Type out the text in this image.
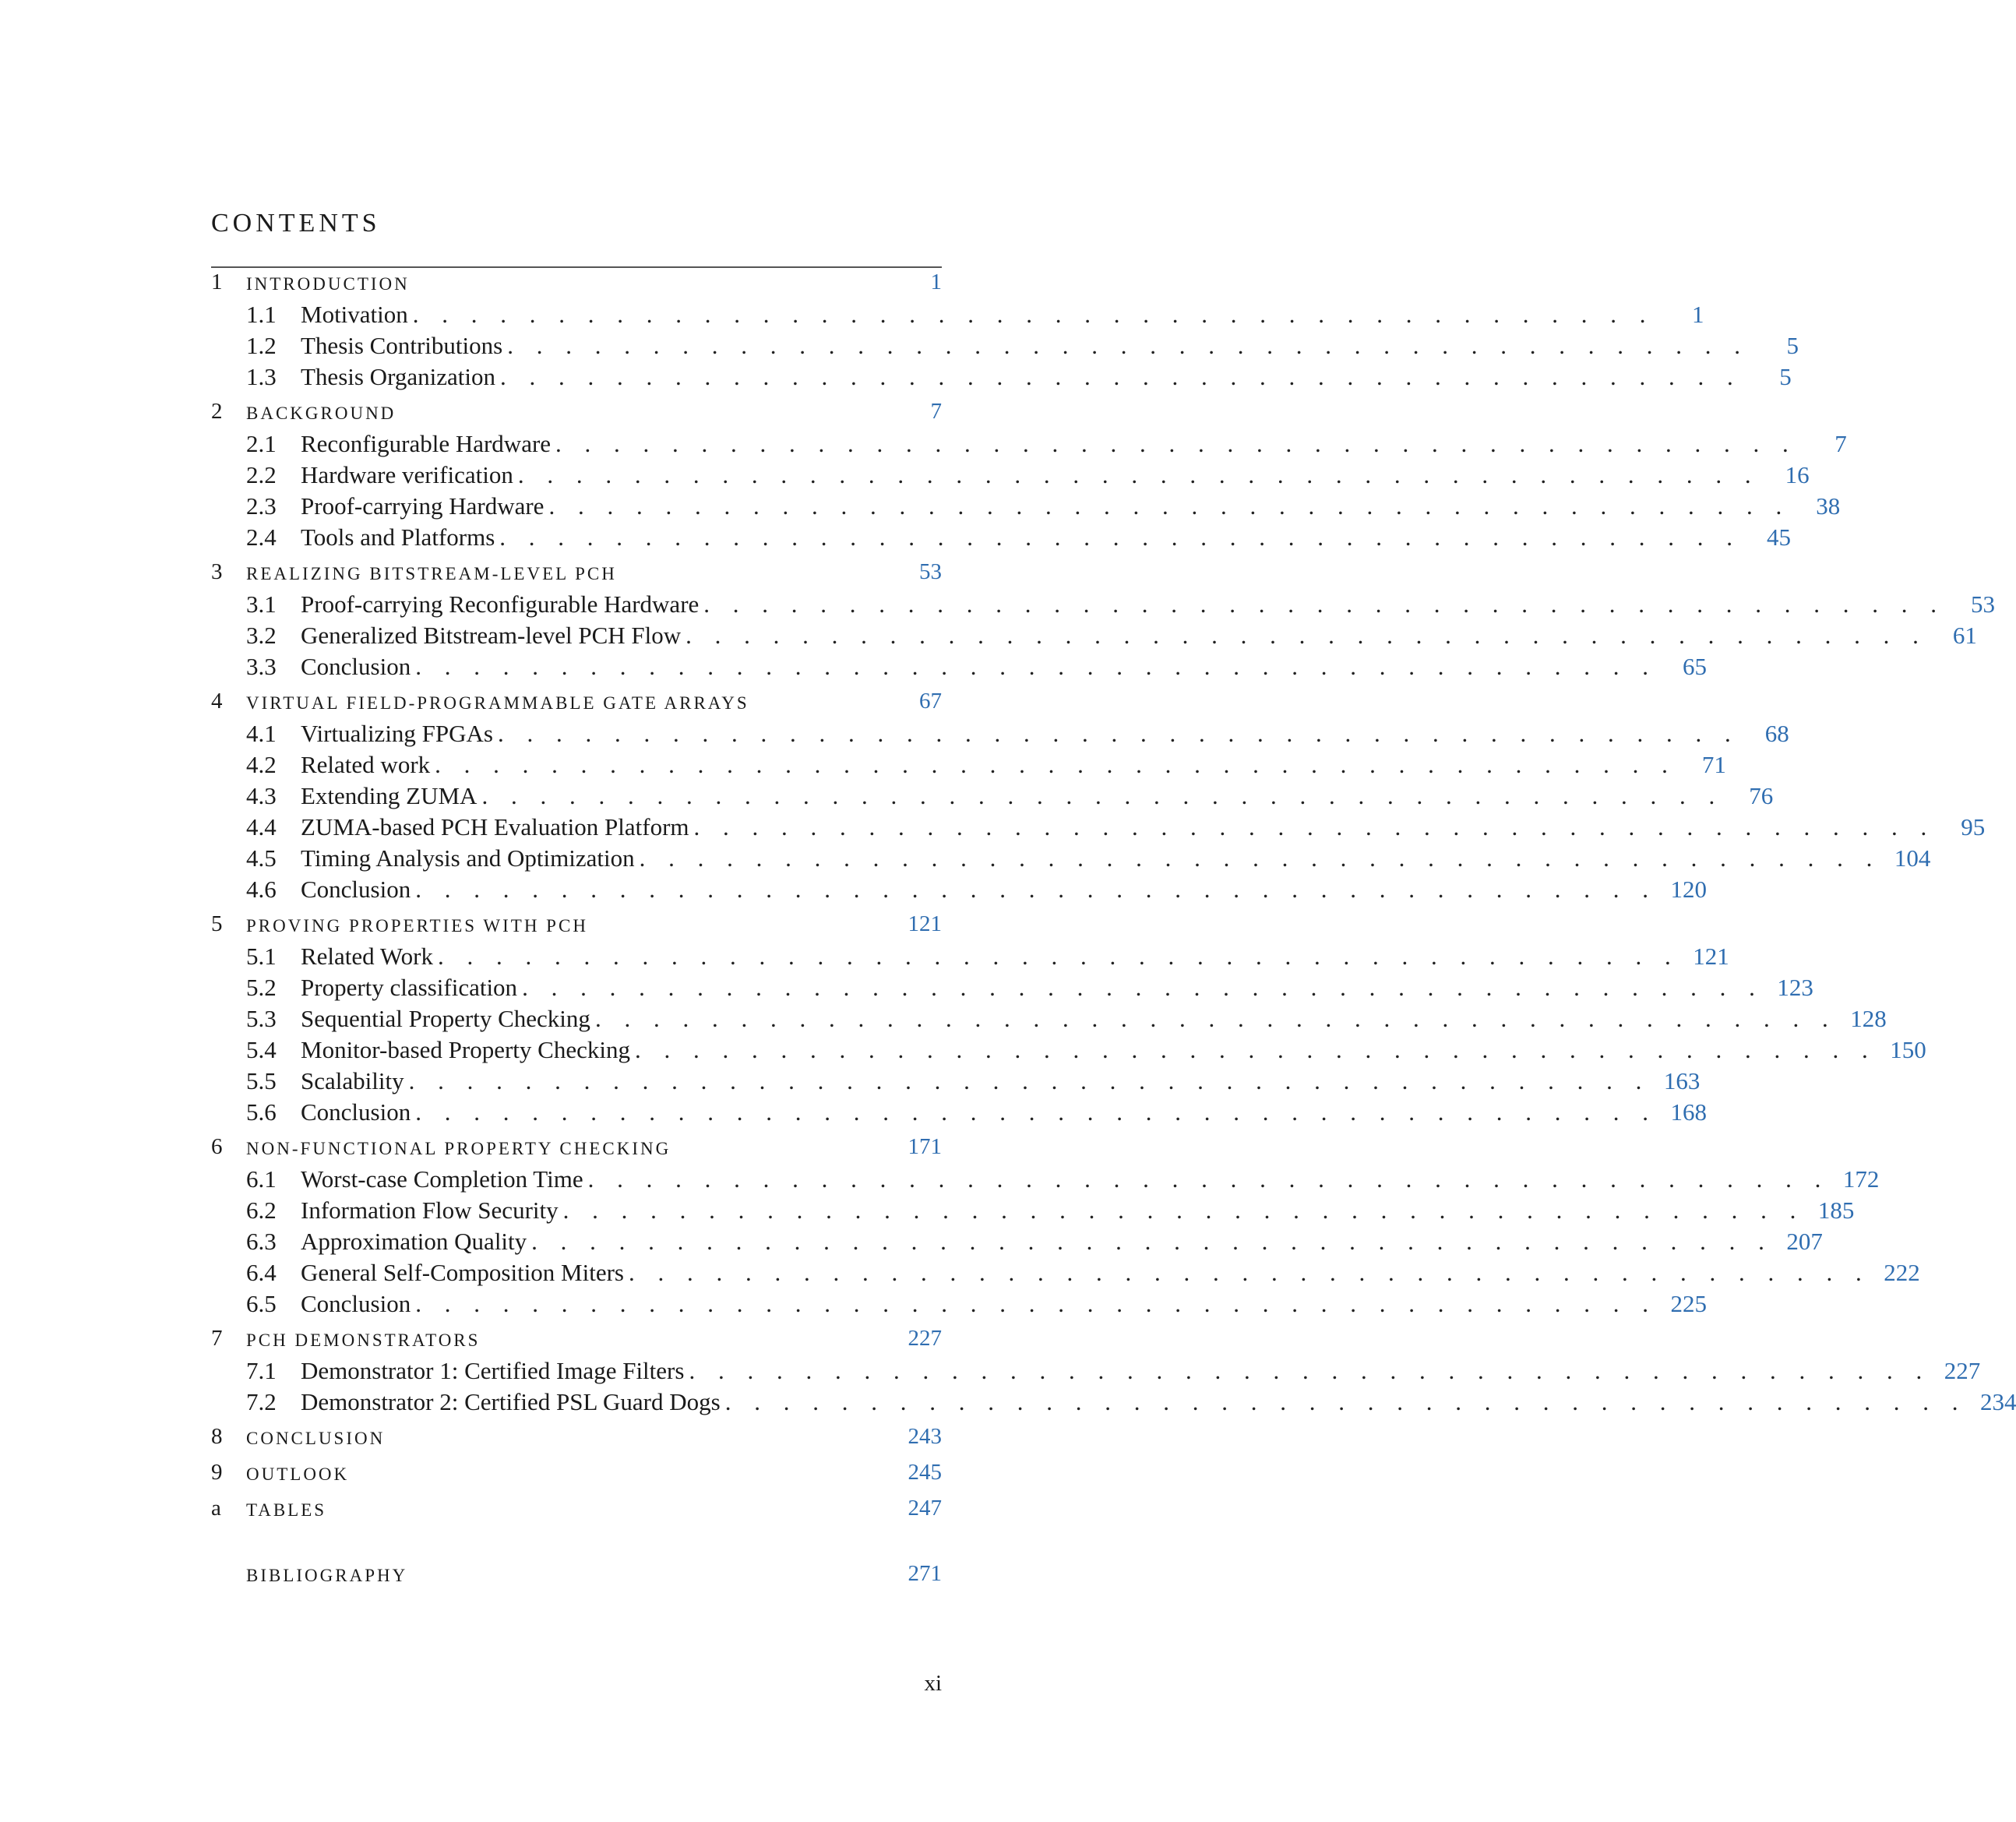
CONTENTS
1 INTRODUCTION	1
1.1	Motivation . . . . . . . . . . . . . . . . . . . . . . . . . . . . . . . . . . . . . . . . . . .	1
1.2	Thesis Contributions . . . . . . . . . . . . . . . . . . . . . . . . . . . . . . . . . . . . . . . . . . .	5
1.3	Thesis Organization . . . . . . . . . . . . . . . . . . . . . . . . . . . . . . . . . . . . . . . . . . .	5
2 BACKGROUND	7
2.1	Reconfigurable Hardware . . . . . . . . . . . . . . . . . . . . . . . . . . . . . . . . . . . . . . . . . . .	7
2.2	Hardware verification . . . . . . . . . . . . . . . . . . . . . . . . . . . . . . . . . . . . . . . . . . .	16
2.3	Proof-carrying Hardware . . . . . . . . . . . . . . . . . . . . . . . . . . . . . . . . . . . . . . . . . . .	38
2.4	Tools and Platforms . . . . . . . . . . . . . . . . . . . . . . . . . . . . . . . . . . . . . . . . . . .	45
3 REALIZING BITSTREAM-LEVEL PCH	53
3.1	Proof-carrying Reconfigurable Hardware . . . . . . . . . . . . . . . . . . . . . . . . . . . . . . . . . . . . . . . . . . .	53
3.2	Generalized Bitstream-level PCH Flow . . . . . . . . . . . . . . . . . . . . . . . . . . . . . . . . . . . . . . . . . . .	61
3.3	Conclusion . . . . . . . . . . . . . . . . . . . . . . . . . . . . . . . . . . . . . . . . . . .	65
4 VIRTUAL FIELD-PROGRAMMABLE GATE ARRAYS	67
4.1	Virtualizing FPGAs . . . . . . . . . . . . . . . . . . . . . . . . . . . . . . . . . . . . . . . . . . .	68
4.2	Related work . . . . . . . . . . . . . . . . . . . . . . . . . . . . . . . . . . . . . . . . . . .	71
4.3	Extending ZUMA . . . . . . . . . . . . . . . . . . . . . . . . . . . . . . . . . . . . . . . . . . .	76
4.4	ZUMA-based PCH Evaluation Platform . . . . . . . . . . . . . . . . . . . . . . . . . . . . . . . . . . . . . . . . . . .	95
4.5	Timing Analysis and Optimization . . . . . . . . . . . . . . . . . . . . . . . . . . . . . . . . . . . . . . . . . . . 104
4.6	Conclusion . . . . . . . . . . . . . . . . . . . . . . . . . . . . . . . . . . . . . . . . . . . 120
5 PROVING PROPERTIES WITH PCH	121
5.1	Related Work . . . . . . . . . . . . . . . . . . . . . . . . . . . . . . . . . . . . . . . . . . . 121
5.2	Property classification . . . . . . . . . . . . . . . . . . . . . . . . . . . . . . . . . . . . . . . . . . . 123
5.3	Sequential Property Checking . . . . . . . . . . . . . . . . . . . . . . . . . . . . . . . . . . . . . . . . . . . 128
5.4	Monitor-based Property Checking . . . . . . . . . . . . . . . . . . . . . . . . . . . . . . . . . . . . . . . . . . . 150
5.5	Scalability . . . . . . . . . . . . . . . . . . . . . . . . . . . . . . . . . . . . . . . . . . . 163
5.6	Conclusion . . . . . . . . . . . . . . . . . . . . . . . . . . . . . . . . . . . . . . . . . . . 168
6 NON-FUNCTIONAL PROPERTY CHECKING	171
6.1	Worst-case Completion Time . . . . . . . . . . . . . . . . . . . . . . . . . . . . . . . . . . . . . . . . . . . 172
6.2	Information Flow Security . . . . . . . . . . . . . . . . . . . . . . . . . . . . . . . . . . . . . . . . . . . 185
6.3	Approximation Quality . . . . . . . . . . . . . . . . . . . . . . . . . . . . . . . . . . . . . . . . . . . 207
6.4	General Self-Composition Miters . . . . . . . . . . . . . . . . . . . . . . . . . . . . . . . . . . . . . . . . . . . 222
6.5	Conclusion . . . . . . . . . . . . . . . . . . . . . . . . . . . . . . . . . . . . . . . . . . . 225
7 PCH DEMONSTRATORS	227
7.1	Demonstrator 1: Certified Image Filters . . . . . . . . . . . . . . . . . . . . . . . . . . . . . . . . . . . . . . . . . . . 227
7.2	Demonstrator 2: Certified PSL Guard Dogs . . . . . . . . . . . . . . . . . . . . . . . . . . . . . . . . . . . . . . . . . . . 234
8 CONCLUSION	243
9 OUTLOOK	245
a TABLES	247
BIBLIOGRAPHY	271
xi
